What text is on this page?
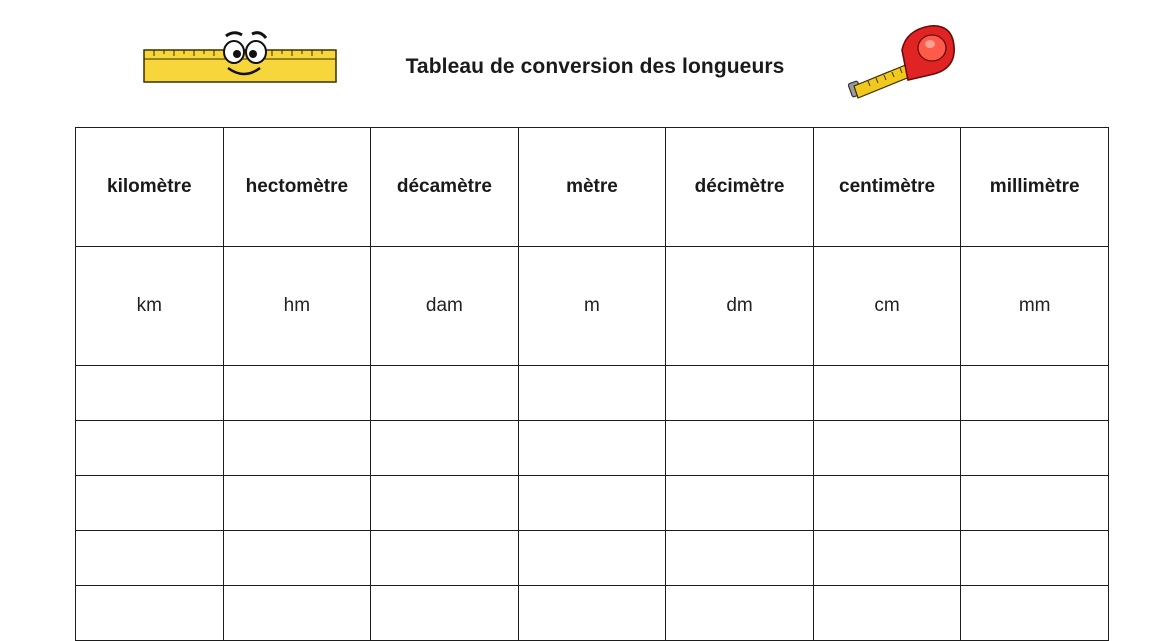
Tableau de conversion des longueurs
kilomètre	hectomètre	décamètre	mètre	décimètre	centimètre	millimètre
km	hm	dam	m	dm	cm	mm
